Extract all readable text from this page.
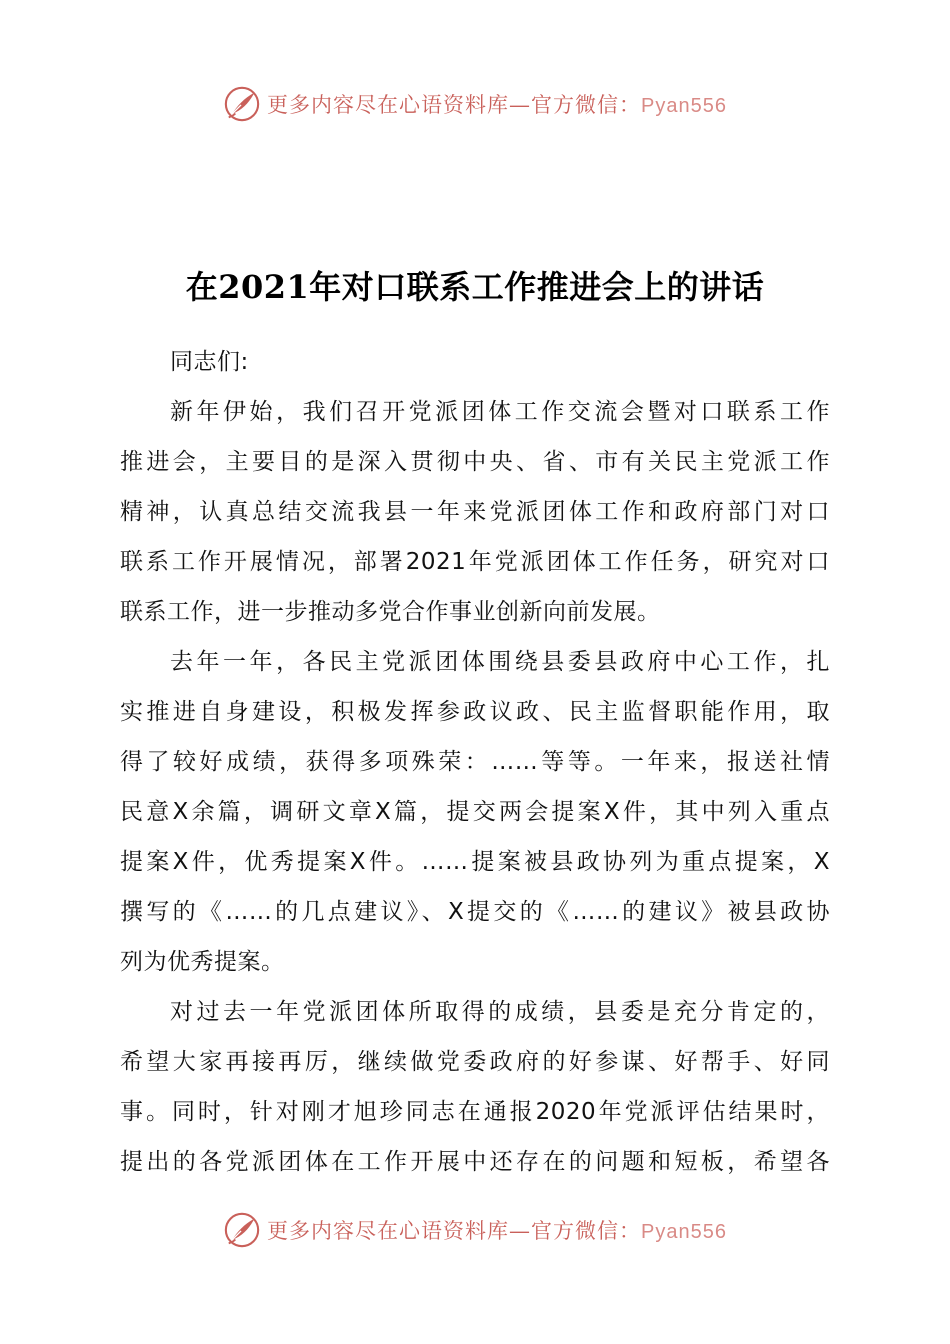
更多内容尽在心语资料库—官方微信：Pyan556
在2021年对口联系工作推进会上的讲话
同志们:
新年伊始，我们召开党派团体工作交流会暨对口联系工作
推进会，主要目的是深入贯彻中央、省、市有关民主党派工作
精神，认真总结交流我县一年来党派团体工作和政府部门对口
联系工作开展情况，部署2021年党派团体工作任务，研究对口
联系工作，进一步推动多党合作事业创新向前发展。
去年一年，各民主党派团体围绕县委县政府中心工作，扎
实推进自身建设，积极发挥参政议政、民主监督职能作用，取
得了较好成绩，获得多项殊荣：……等等。一年来，报送社情
民意X余篇，调研文章X篇，提交两会提案X件，其中列入重点
提案X件，优秀提案X件。……提案被县政协列为重点提案，X
撰写的《……的几点建议》、X提交的《……的建议》被县政协
列为优秀提案。
对过去一年党派团体所取得的成绩，县委是充分肯定的，
希望大家再接再厉，继续做党委政府的好参谋、好帮手、好同
事。同时，针对刚才旭珍同志在通报2020年党派评估结果时，
提出的各党派团体在工作开展中还存在的问题和短板，希望各
更多内容尽在心语资料库—官方微信：Pyan556
